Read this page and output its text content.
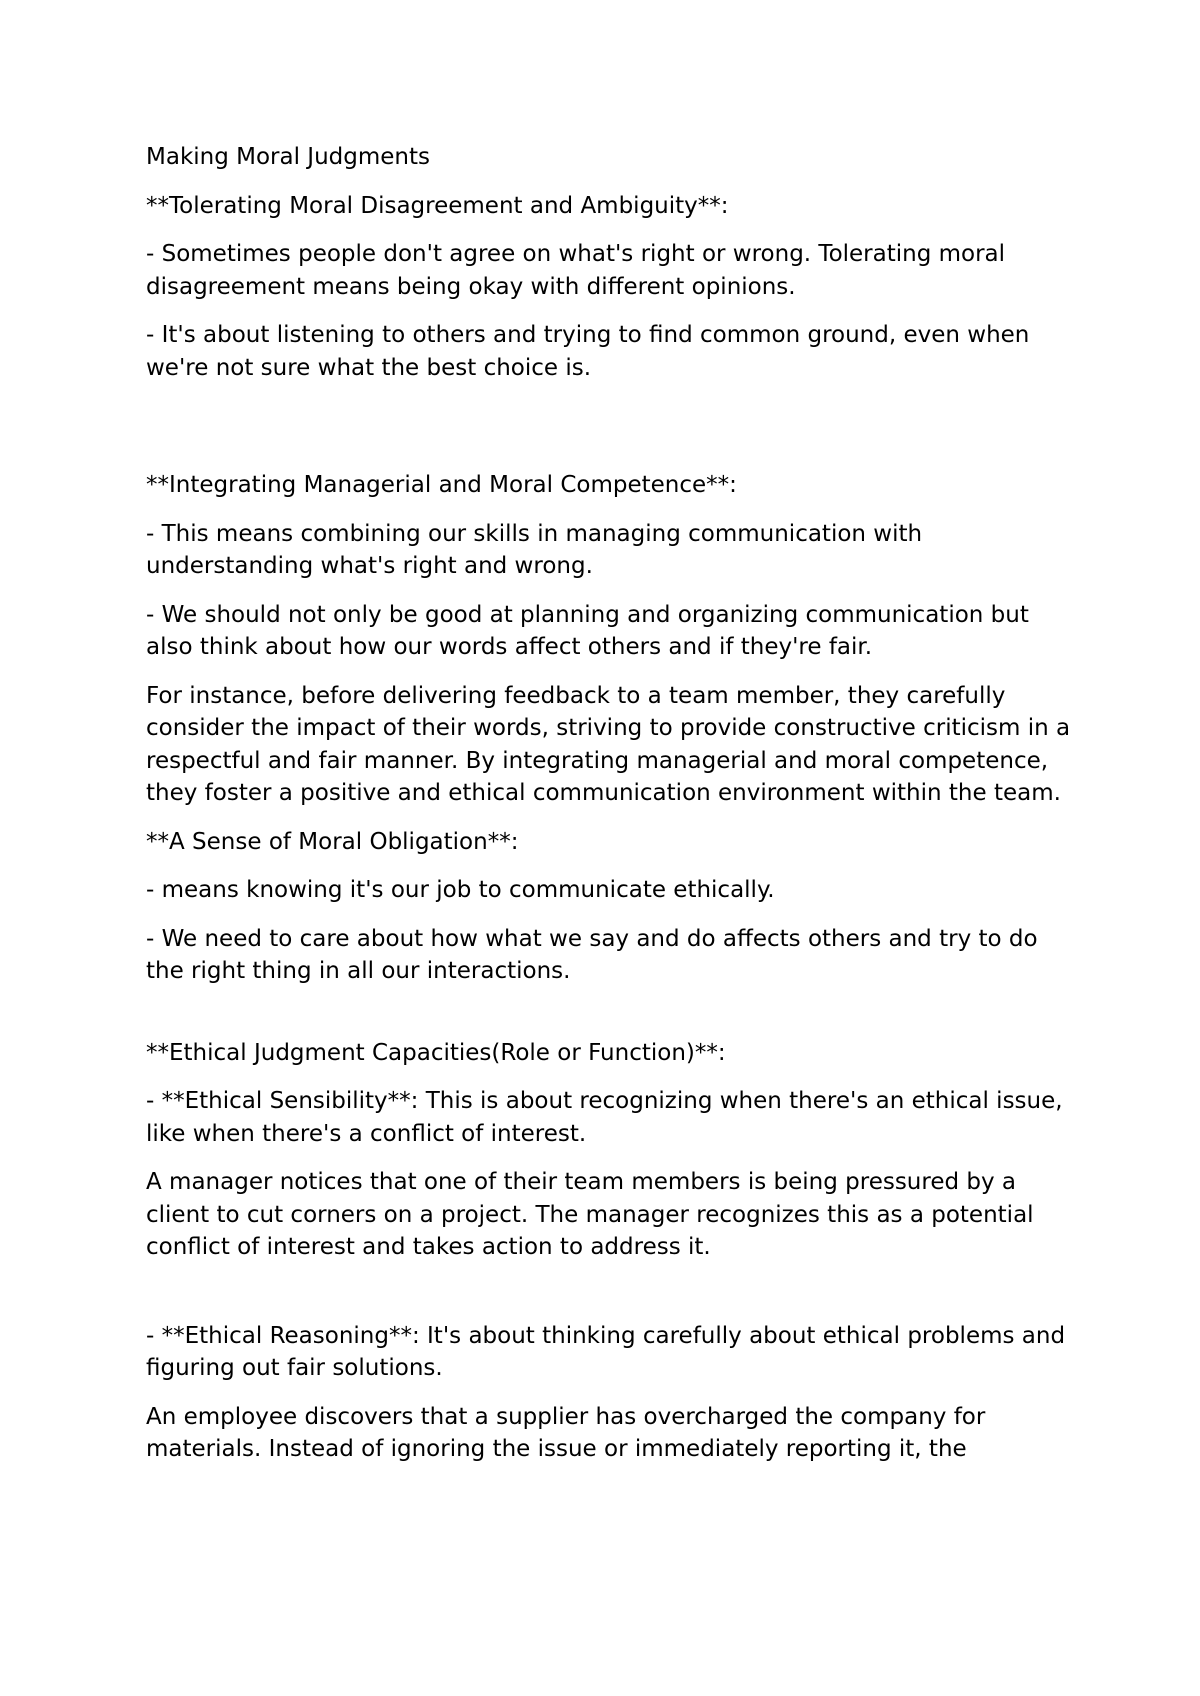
Making Moral Judgments

**Tolerating Moral Disagreement and Ambiguity**:

- Sometimes people don't agree on what's right or wrong. Tolerating moral disagreement means being okay with different opinions.

- It's about listening to others and trying to find common ground, even when we're not sure what the best choice is.

**Integrating Managerial and Moral Competence**:

- This means combining our skills in managing communication with understanding what's right and wrong.

- We should not only be good at planning and organizing communication but also think about how our words affect others and if they're fair.

For instance, before delivering feedback to a team member, they carefully consider the impact of their words, striving to provide constructive criticism in a respectful and fair manner. By integrating managerial and moral competence, they foster a positive and ethical communication environment within the team.

**A Sense of Moral Obligation**:

- means knowing it's our job to communicate ethically.

- We need to care about how what we say and do affects others and try to do the right thing in all our interactions.

**Ethical Judgment Capacities(Role or Function)**:

- **Ethical Sensibility**: This is about recognizing when there's an ethical issue, like when there's a conflict of interest.

A manager notices that one of their team members is being pressured by a client to cut corners on a project. The manager recognizes this as a potential conflict of interest and takes action to address it.

- **Ethical Reasoning**: It's about thinking carefully about ethical problems and figuring out fair solutions.

An employee discovers that a supplier has overcharged the company for materials. Instead of ignoring the issue or immediately reporting it, the
